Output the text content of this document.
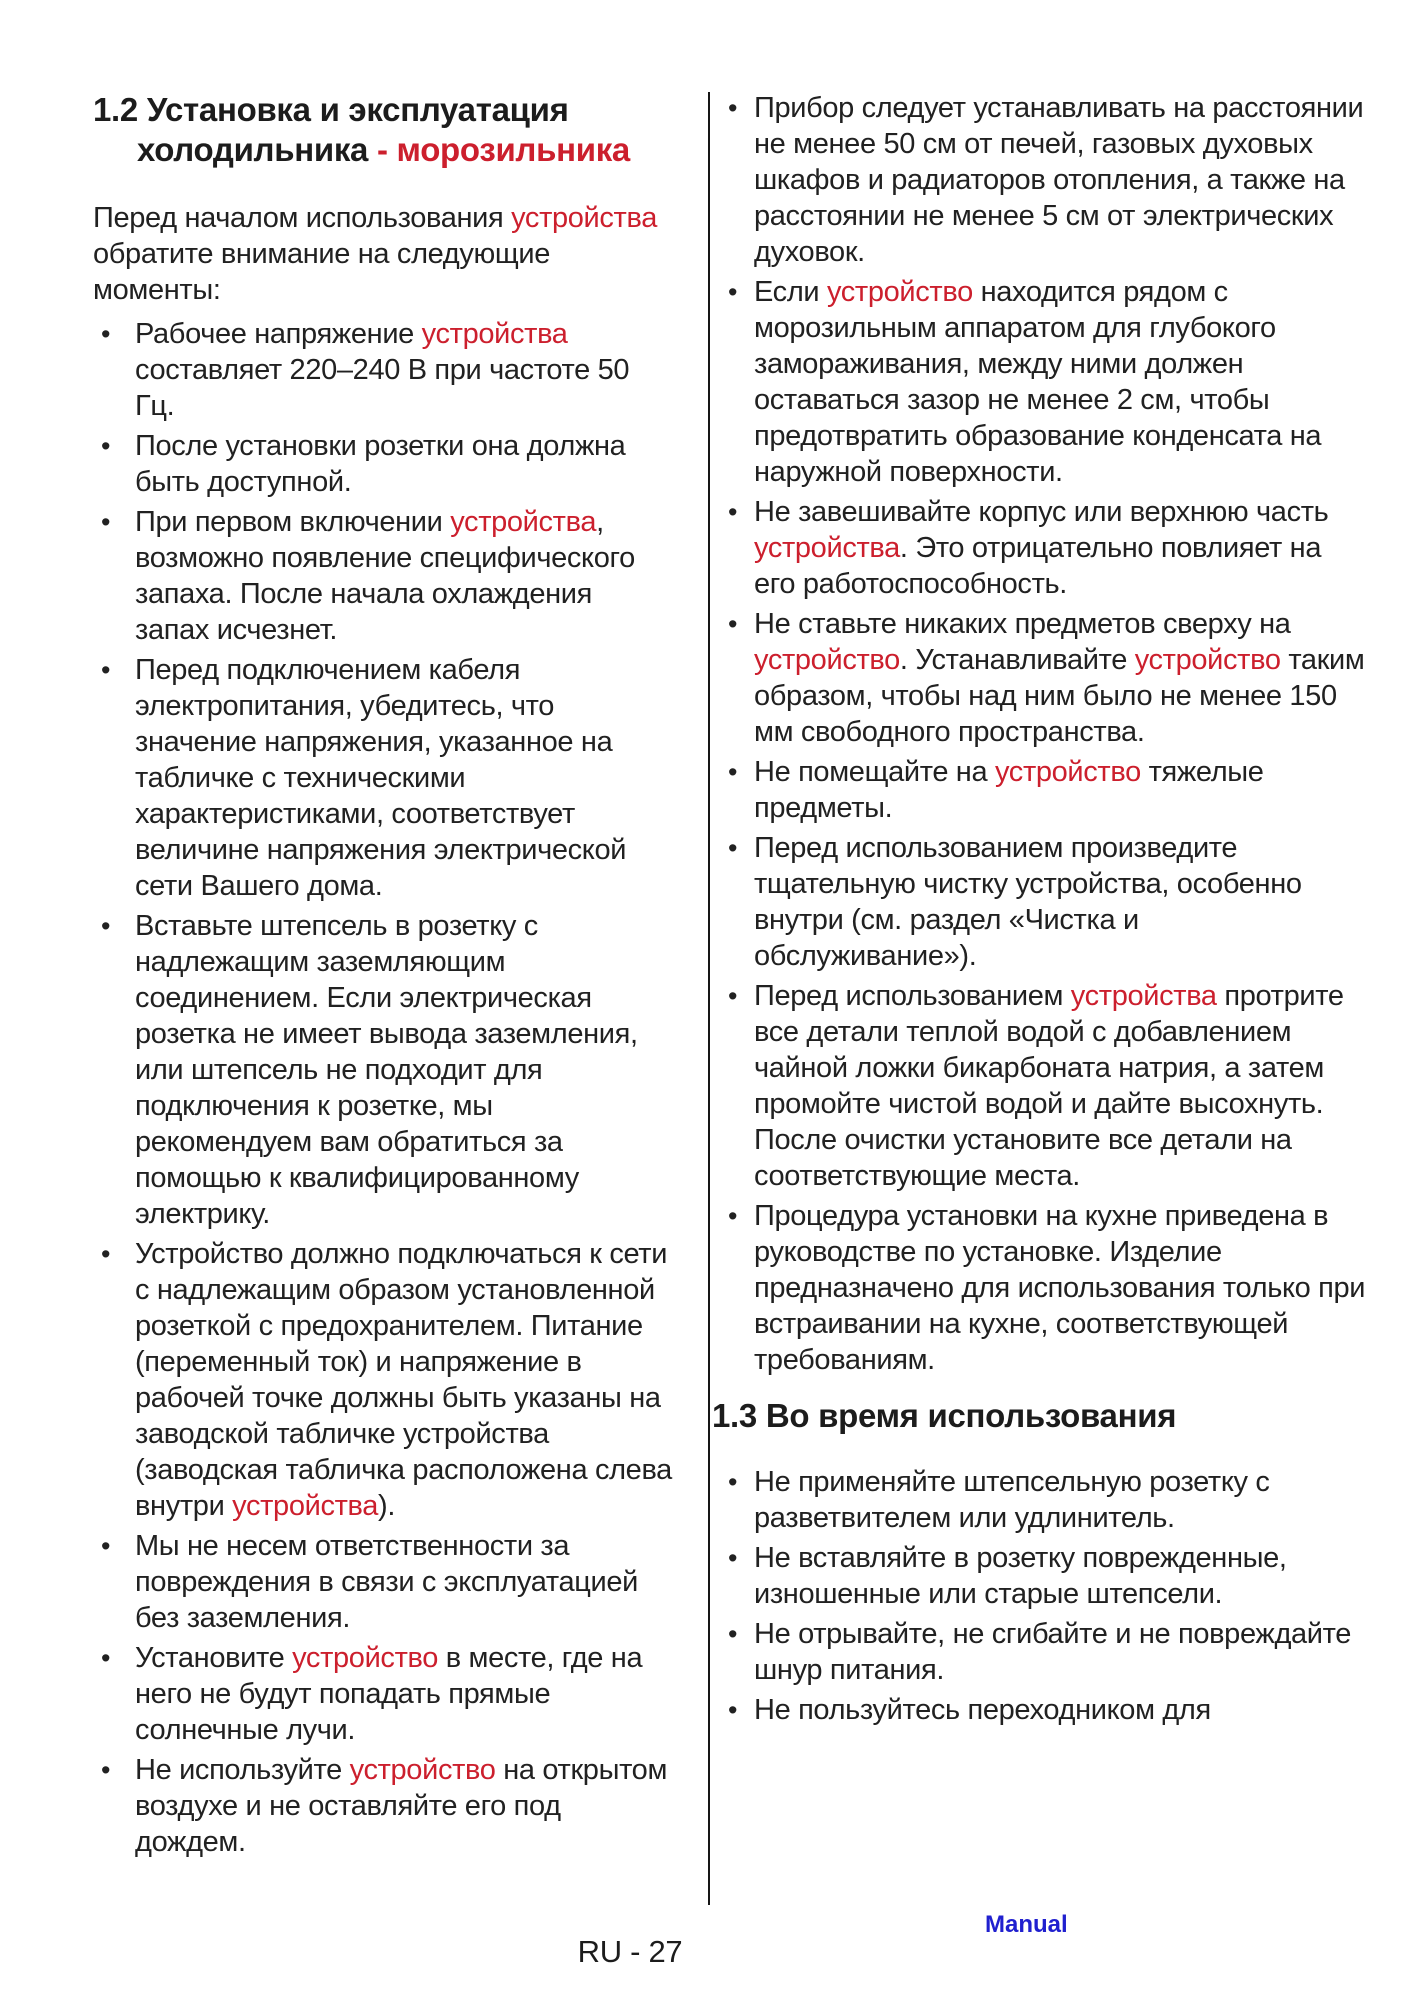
1.2 Установка и эксплуатация
холодильника - морозильника

Перед началом использования устройства обратите внимание на следующие моменты:

• Рабочее напряжение устройства составляет 220–240 В при частоте 50 Гц.
• После установки розетки она должна быть доступной.
• При первом включении устройства, возможно появление специфического запаха. После начала охлаждения запах исчезнет.
• Перед подключением кабеля электропитания, убедитесь, что значение напряжения, указанное на табличке с техническими характеристиками, соответствует величине напряжения электрической сети Вашего дома.
• Вставьте штепсель в розетку с надлежащим заземляющим соединением. Если электрическая розетка не имеет вывода заземления, или штепсель не подходит для подключения к розетке, мы рекомендуем вам обратиться за помощью к квалифицированному электрику.
• Устройство должно подключаться к сети с надлежащим образом установленной розеткой с предохранителем. Питание (переменный ток) и напряжение в рабочей точке должны быть указаны на заводской табличке устройства (заводская табличка расположена слева внутри устройства).
• Мы не несем ответственности за повреждения в связи с эксплуатацией без заземления.
• Установите устройство в месте, где на него не будут попадать прямые солнечные лучи.
• Не используйте устройство на открытом воздухе и не оставляйте его под дождем.
• Прибор следует устанавливать на расстоянии не менее 50 см от печей, газовых духовых шкафов и радиаторов отопления, а также на расстоянии не менее 5 см от электрических духовок.
• Если устройство находится рядом с морозильным аппаратом для глубокого замораживания, между ними должен оставаться зазор не менее 2 см, чтобы предотвратить образование конденсата на наружной поверхности.
• Не завешивайте корпус или верхнюю часть устройства. Это отрицательно повлияет на его работоспособность.
• Не ставьте никаких предметов сверху на устройство. Устанавливайте устройство таким образом, чтобы над ним было не менее 150 мм свободного пространства.
• Не помещайте на устройство тяжелые предметы.
• Перед использованием произведите тщательную чистку устройства, особенно внутри (см. раздел «Чистка и обслуживание»).
• Перед использованием устройства протрите все детали теплой водой с добавлением чайной ложки бикарбоната натрия, а затем промойте чистой водой и дайте высохнуть. После очистки установите все детали на соответствующие места.
• Процедура установки на кухне приведена в руководстве по установке. Изделие предназначено для использования только при встраивании на кухне, соответствующей требованиям.
1.3 Во время использования
• Не применяйте штепсельную розетку с разветвителем или удлинитель.
• Не вставляйте в розетку поврежденные, изношенные или старые штепсели.
• Не отрывайте, не сгибайте и не повреждайте шнур питания.
• Не пользуйтесь переходником для
Manual
RU - 27
